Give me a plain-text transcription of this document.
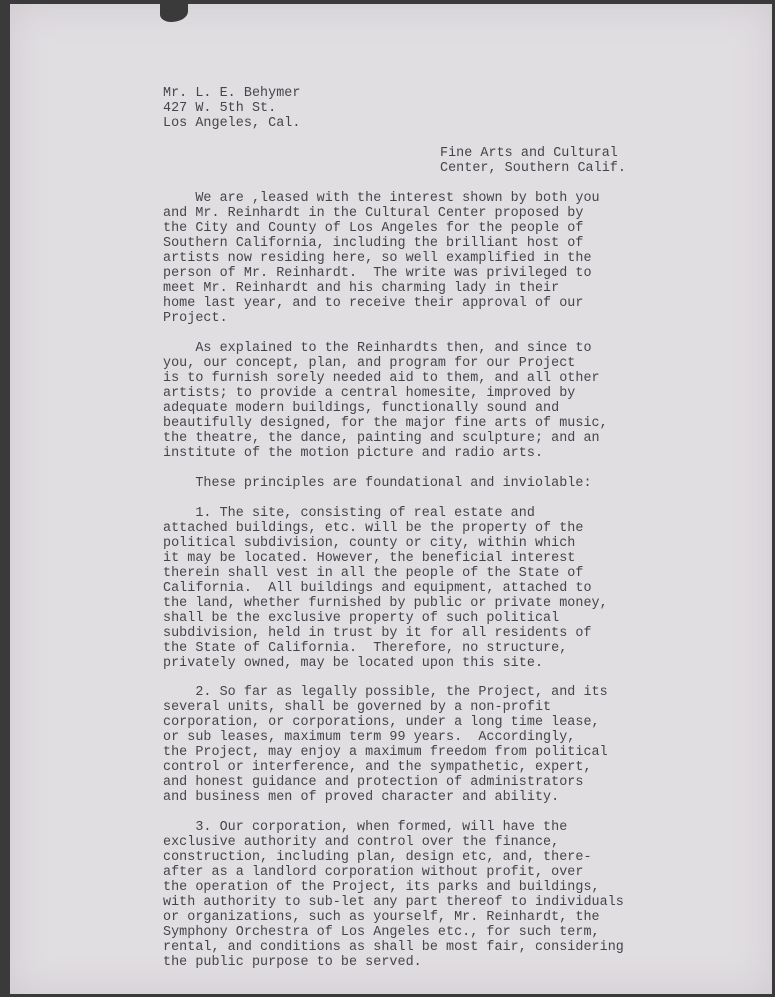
Mr. L. E. Behymer
427 W. 5th St.
Los Angeles, Cal.
Fine Arts and Cultural
Center, Southern Calif.
We are ,leased with the interest shown by both you
and Mr. Reinhardt in the Cultural Center proposed by
the City and County of Los Angeles for the people of
Southern California, including the brilliant host of
artists now residing here, so well examplified in the
person of Mr. Reinhardt.  The write was privileged to
meet Mr. Reinhardt and his charming lady in their
home last year, and to receive their approval of our
Project.
As explained to the Reinhardts then, and since to
you, our concept, plan, and program for our Project
is to furnish sorely needed aid to them, and all other
artists; to provide a central homesite, improved by
adequate modern buildings, functionally sound and
beautifully designed, for the major fine arts of music,
the theatre, the dance, painting and sculpture; and an
institute of the motion picture and radio arts.
These principles are foundational and inviolable:
1. The site, consisting of real estate and
attached buildings, etc. will be the property of the
political subdivision, county or city, within which
it may be located. However, the beneficial interest
therein shall vest in all the people of the State of
California.  All buildings and equipment, attached to
the land, whether furnished by public or private money,
shall be the exclusive property of such political
subdivision, held in trust by it for all residents of
the State of California.  Therefore, no structure,
privately owned, may be located upon this site.
2. So far as legally possible, the Project, and its
several units, shall be governed by a non-profit
corporation, or corporations, under a long time lease,
or sub leases, maximum term 99 years.  Accordingly,
the Project, may enjoy a maximum freedom from political
control or interference, and the sympathetic, expert,
and honest guidance and protection of administrators
and business men of proved character and ability.
3. Our corporation, when formed, will have the
exclusive authority and control over the finance,
construction, including plan, design etc, and, there-
after as a landlord corporation without profit, over
the operation of the Project, its parks and buildings,
with authority to sub-let any part thereof to individuals
or organizations, such as yourself, Mr. Reinhardt, the
Symphony Orchestra of Los Angeles etc., for such term,
rental, and conditions as shall be most fair, considering
the public purpose to be served.
